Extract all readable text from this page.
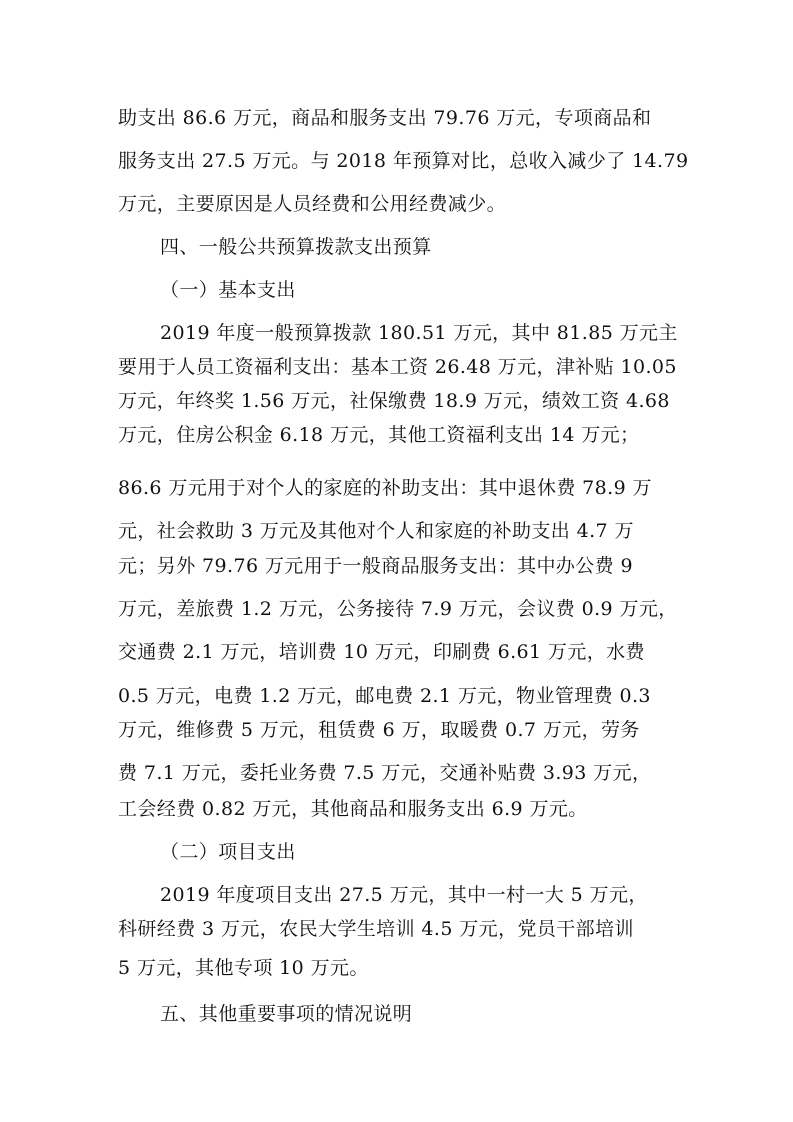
助支出 86.6 万元，商品和服务支出 79.76 万元，专项商品和
服务支出 27.5 万元。与 2018 年预算对比，总收入减少了 14.79
万元，主要原因是人员经费和公用经费减少。
四、一般公共预算拨款支出预算
（一）基本支出
2019 年度一般预算拨款 180.51 万元，其中 81.85 万元主
要用于人员工资福利支出：基本工资 26.48 万元，津补贴 10.05
万元，年终奖 1.56 万元，社保缴费 18.9 万元，绩效工资 4.68
万元，住房公积金 6.18 万元，其他工资福利支出 14 万元；
86.6 万元用于对个人的家庭的补助支出：其中退休费 78.9 万
元，社会救助 3 万元及其他对个人和家庭的补助支出 4.7 万
元；另外 79.76 万元用于一般商品服务支出：其中办公费 9
万元，差旅费 1.2 万元，公务接待 7.9 万元，会议费 0.9 万元，
交通费 2.1 万元，培训费 10 万元，印刷费 6.61 万元，水费
0.5 万元，电费 1.2 万元，邮电费 2.1 万元，物业管理费 0.3
万元，维修费 5 万元，租赁费 6 万，取暖费 0.7 万元，劳务
费 7.1 万元，委托业务费 7.5 万元，交通补贴费 3.93 万元，
工会经费 0.82 万元，其他商品和服务支出 6.9 万元。
（二）项目支出
2019 年度项目支出 27.5 万元，其中一村一大 5 万元，
科研经费 3 万元，农民大学生培训 4.5 万元，党员干部培训
5 万元，其他专项 10 万元。
五、其他重要事项的情况说明
